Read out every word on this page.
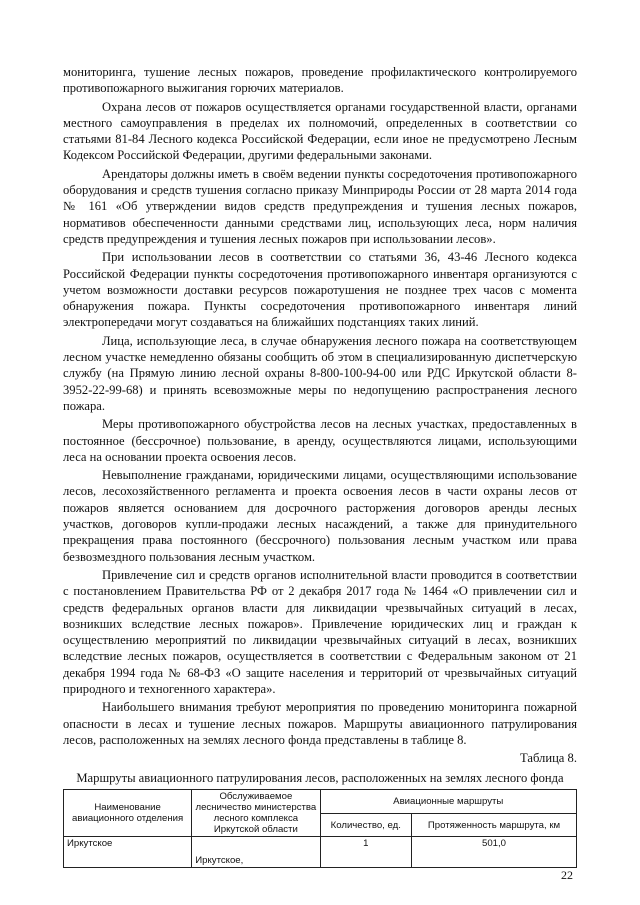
мониторинга, тушение лесных пожаров, проведение профилактического контролируемого противопожарного выжигания горючих материалов.

Охрана лесов от пожаров осуществляется органами государственной власти, органами местного самоуправления в пределах их полномочий, определенных в соответствии со статьями 81-84 Лесного кодекса Российской Федерации, если иное не предусмотрено Лесным Кодексом Российской Федерации, другими федеральными законами.

Арендаторы должны иметь в своём ведении пункты сосредоточения противопожарного оборудования и средств тушения согласно приказу Минприроды России от 28 марта 2014 года № 161 «Об утверждении видов средств предупреждения и тушения лесных пожаров, нормативов обеспеченности данными средствами лиц, использующих леса, норм наличия средств предупреждения и тушения лесных пожаров при использовании лесов».

При использовании лесов в соответствии со статьями 36, 43-46 Лесного кодекса Российской Федерации пункты сосредоточения противопожарного инвентаря организуются с учетом возможности доставки ресурсов пожаротушения не позднее трех часов с момента обнаружения пожара. Пункты сосредоточения противопожарного инвентаря линий электропередачи могут создаваться на ближайших подстанциях таких линий.

Лица, использующие леса, в случае обнаружения лесного пожара на соответствующем лесном участке немедленно обязаны сообщить об этом в специализированную диспетчерскую службу (на Прямую линию лесной охраны 8-800-100-94-00 или РДС Иркутской области 8-3952-22-99-68) и принять всевозможные меры по недопущению распространения лесного пожара.

Меры противопожарного обустройства лесов на лесных участках, предоставленных в постоянное (бессрочное) пользование, в аренду, осуществляются лицами, использующими леса на основании проекта освоения лесов.

Невыполнение гражданами, юридическими лицами, осуществляющими использование лесов, лесохозяйственного регламента и проекта освоения лесов в части охраны лесов от пожаров является основанием для досрочного расторжения договоров аренды лесных участков, договоров купли-продажи лесных насаждений, а также для принудительного прекращения права постоянного (бессрочного) пользования лесным участком или права безвозмездного пользования лесным участком.

Привлечение сил и средств органов исполнительной власти проводится в соответствии с постановлением Правительства РФ от 2 декабря 2017 года № 1464 «О привлечении сил и средств федеральных органов власти для ликвидации чрезвычайных ситуаций в лесах, возникших вследствие лесных пожаров». Привлечение юридических лиц и граждан к осуществлению мероприятий по ликвидации чрезвычайных ситуаций в лесах, возникших вследствие лесных пожаров, осуществляется в соответствии с Федеральным законом от 21 декабря 1994 года № 68-ФЗ «О защите населения и территорий от чрезвычайных ситуаций природного и техногенного характера».

Наибольшего внимания требуют мероприятия по проведению мониторинга пожарной опасности в лесах и тушение лесных пожаров. Маршруты авиационного патрулирования лесов, расположенных на землях лесного фонда представлены в таблице 8.

Таблица 8.

Маршруты авиационного патрулирования лесов, расположенных на землях лесного фонда

Наименование авиационного отделения	Обслуживаемое лесничество министерства лесного комплекса Иркутской области	Авиационные маршруты	
		Количество, ед.	Протяженность маршрута, км
Иркутское	Иркутское,	1	501,0
22
